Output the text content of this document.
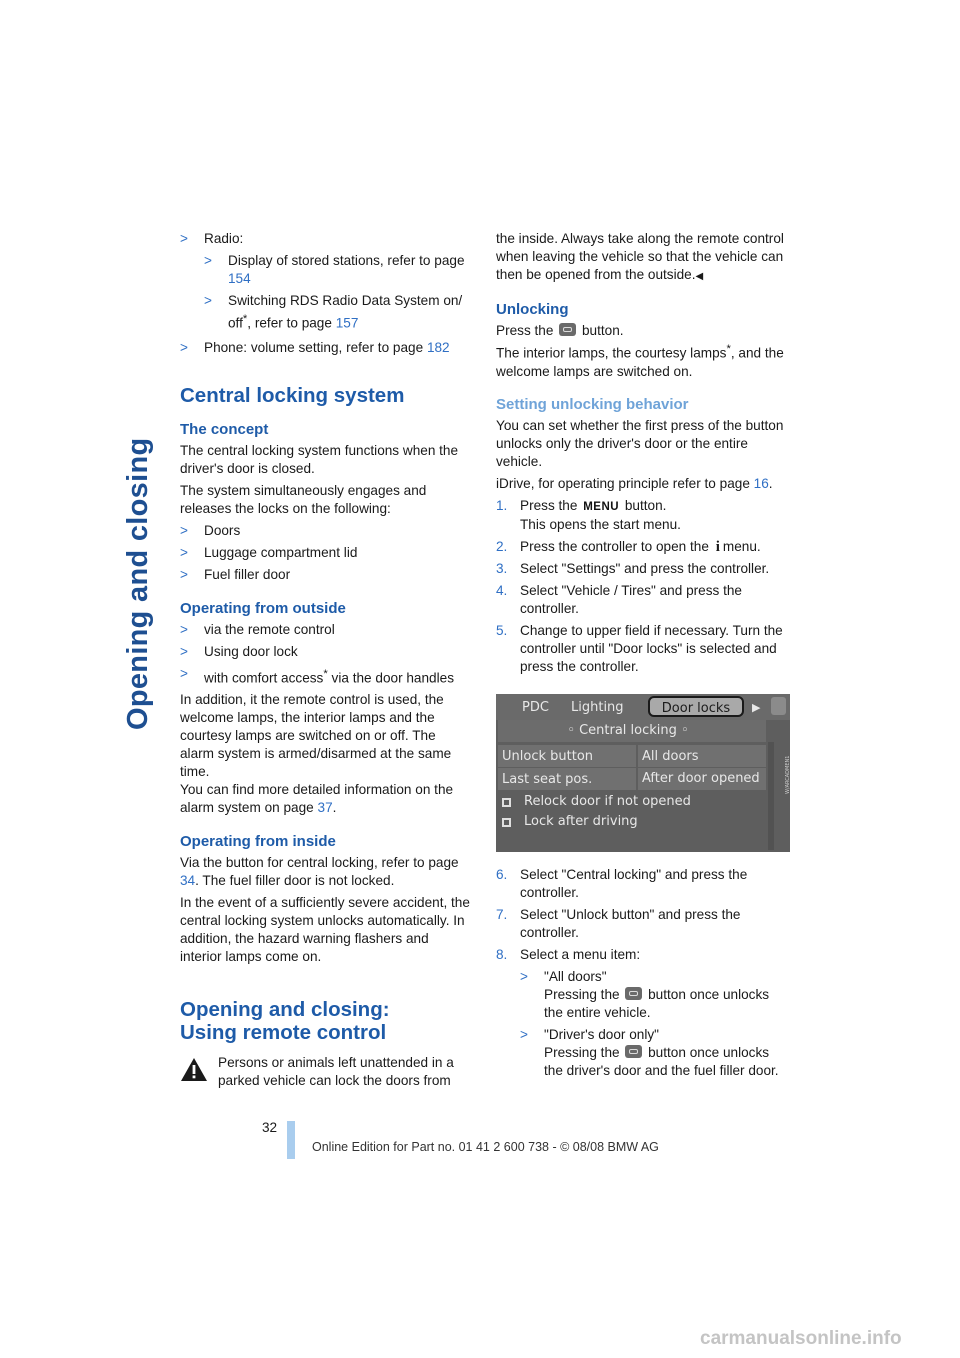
Opening and closing
> Radio:
> Display of stored stations, refer to page 154
> Switching RDS Radio Data System on/ off*, refer to page 157
> Phone: volume setting, refer to page 182
Central locking system
The concept

The central locking system functions when the driver's door is closed.

The system simultaneously engages and releases the locks on the following:

> Doors
> Luggage compartment lid
> Fuel filler door
Operating from outside
> via the remote control
> Using door lock
> with comfort access* via the door handles

In addition, it the remote control is used, the welcome lamps, the interior lamps and the courtesy lamps are switched on or off. The alarm system is armed/disarmed at the same time.

You can find more detailed information on the alarm system on page 37.

Operating from inside

Via the button for central locking, refer to page 34. The fuel filler door is not locked.

In the event of a sufficiently severe accident, the central locking system unlocks automatically. In addition, the hazard warning flashers and interior lamps come on.

Opening and closing:
Using remote control
Persons or animals left unattended in a parked vehicle can lock the doors from

the inside. Always take along the remote control when leaving the vehicle so that the vehicle can then be opened from the outside.◀

Unlocking

Press the button.

The interior lamps, the courtesy lamps*, and the welcome lamps are switched on.

Setting unlocking behavior

You can set whether the first press of the button unlocks only the driver's door or the entire vehicle.

iDrive, for operating principle refer to page 16.

1. Press the MENU button.
This opens the start menu.
2. Press the controller to open the i menu.
3. Select "Settings" and press the controller.
4. Select "Vehicle / Tires" and press the controller.
5. Change to upper field if necessary. Turn the controller until "Door locks" is selected and press the controller.
PDC Lighting	Door locks	▶
◦ Central locking ◦
Unlock button	All doors
Last seat pos.	After door opened
Relock door if not opened
Lock after driving
W/ARCADMEN1
6. Select "Central locking" and press the controller.
7. Select "Unlock button" and press the controller.
8. Select a menu item:
> "All doors"
Pressing the button once unlocks the entire vehicle.
> "Driver's door only"
Pressing the button once unlocks the driver's door and the fuel filler door.
32
Online Edition for Part no. 01 41 2 600 738 - © 08/08 BMW AG
carmanualsonline.info
